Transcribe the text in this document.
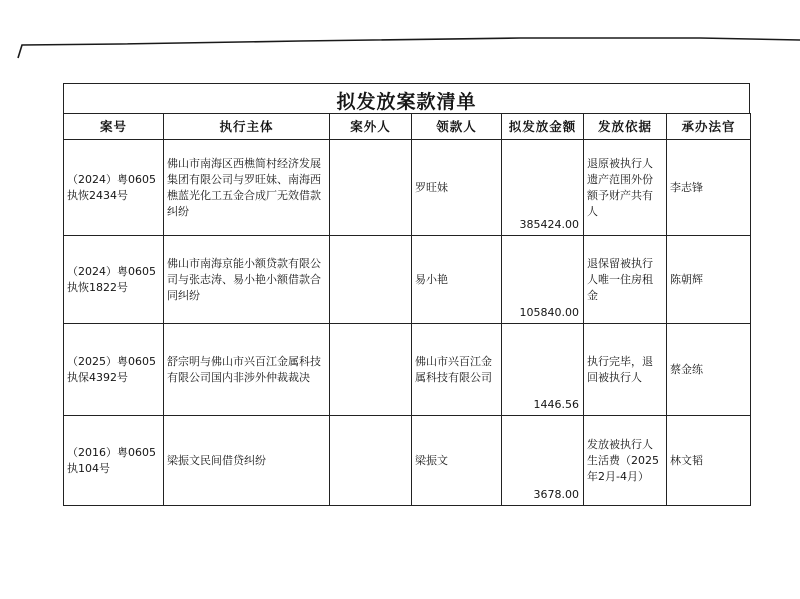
拟发放案款清单
案号	执行主体	案外人	领款人	拟发放金额	发放依据	承办法官
（2024）粤0605执恢2434号	佛山市南海区西樵简村经济发展集团有限公司与罗旺妹、南海西樵蓝光化工五金合成厂无效借款纠纷		罗旺妹	385424.00	退原被执行人遗产范围外份额予财产共有人	李志锋
（2024）粤0605执恢1822号	佛山市南海京能小额贷款有限公司与张志涛、易小艳小额借款合同纠纷		易小艳	105840.00	退保留被执行人唯一住房租金	陈朝辉
（2025）粤0605执保4392号	舒宗明与佛山市兴百江金属科技有限公司国内非涉外仲裁裁决		佛山市兴百江金属科技有限公司	1446.56	执行完毕，退回被执行人	蔡金练
（2016）粤0605执104号	梁振文民间借贷纠纷		梁振文	3678.00	发放被执行人生活费（2025年2月-4月）	林文韬
